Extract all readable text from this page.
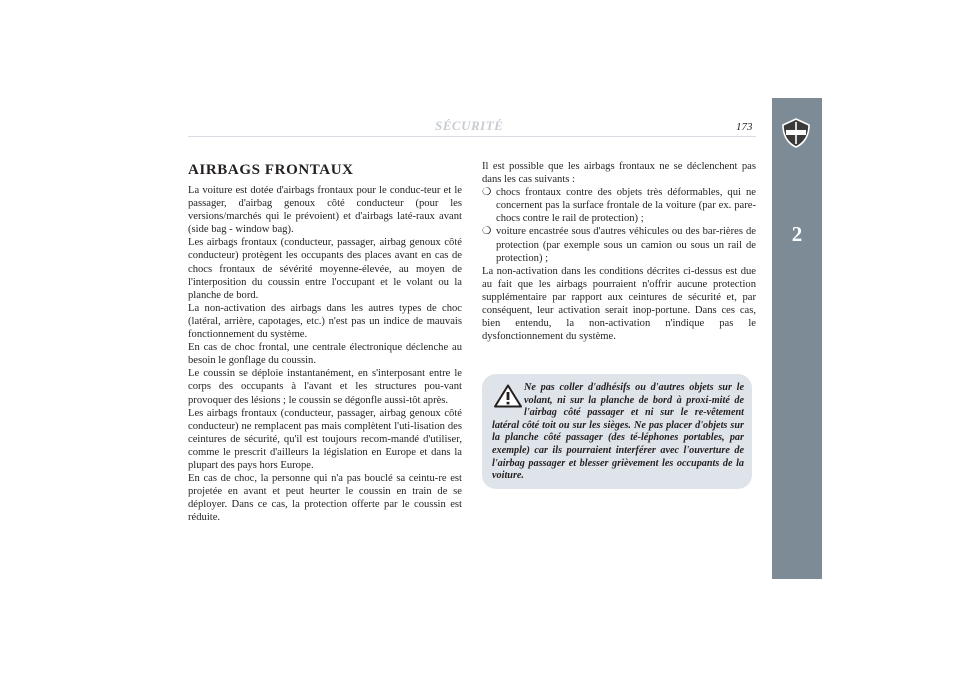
SÉCURITÉ	173
2
AIRBAGS FRONTAUX

La voiture est dotée d'airbags frontaux pour le conduc-teur et le passager, d'airbag genoux côté conducteur (pour les versions/marchés qui le prévoient) et d'airbags laté-raux avant (side bag - window bag).

Les airbags frontaux (conducteur, passager, airbag genoux côté conducteur) protègent les occupants des places avant en cas de chocs frontaux de sévérité moyenne-élevée, au moyen de l'interposition du coussin entre l'occupant et le volant ou la planche de bord.

La non-activation des airbags dans les autres types de choc (latéral, arrière, capotages, etc.) n'est pas un indice de mauvais fonctionnement du système.

En cas de choc frontal, une centrale électronique déclenche au besoin le gonflage du coussin.

Le coussin se déploie instantanément, en s'interposant entre le corps des occupants à l'avant et les structures pou-vant provoquer des lésions ; le coussin se dégonfle aussi-tôt après.

Les airbags frontaux (conducteur, passager, airbag genoux côté conducteur) ne remplacent pas mais complètent l'uti-lisation des ceintures de sécurité, qu'il est toujours recom-mandé d'utiliser, comme le prescrit d'ailleurs la législation en Europe et dans la plupart des pays hors Europe.

En cas de choc, la personne qui n'a pas bouclé sa ceintu-re est projetée en avant et peut heurter le coussin en train de se déployer. Dans ce cas, la protection offerte par le coussin est réduite.

Il est possible que les airbags frontaux ne se déclenchent pas dans les cas suivants :

❍ chocs frontaux contre des objets très déformables, qui ne concernent pas la surface frontale de la voiture (par ex. pare-chocs contre le rail de protection) ;
❍ voiture encastrée sous d'autres véhicules ou des bar-rières de protection (par exemple sous un camion ou sous un rail de protection) ;

La non-activation dans les conditions décrites ci-dessus est due au fait que les airbags pourraient n'offrir aucune protection supplémentaire par rapport aux ceintures de sécurité et, par conséquent, leur activation serait inop-portune. Dans ces cas, bien entendu, la non-activation n'indique pas le dysfonctionnement du système.

Ne pas coller d'adhésifs ou d'autres objets sur le volant, ni sur la planche de bord à proxi-mité de l'airbag côté passager et ni sur le re-vêtement latéral côté toit ou sur les sièges. Ne pas placer d'objets sur la planche côté passager (des té-léphones portables, par exemple) car ils pourraient interférer avec l'ouverture de l'airbag passager et blesser grièvement les occupants de la voiture.
